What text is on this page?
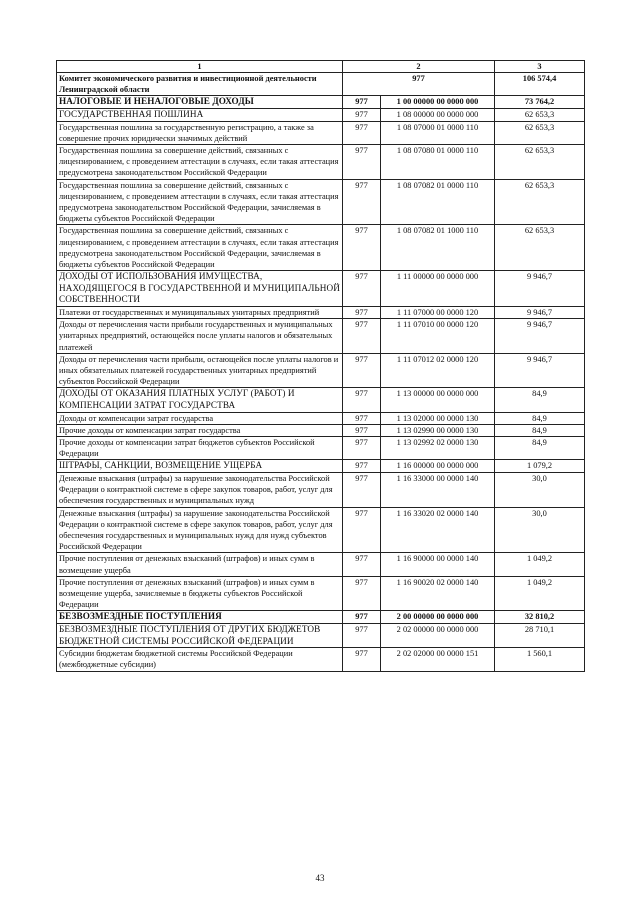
1	2		3
Комитет экономического развития и инвестиционной деятельности Ленинградской области	977		106 574,4
НАЛОГОВЫЕ И НЕНАЛОГОВЫЕ ДОХОДЫ	977	1 00 00000 00 0000 000	73 764,2
ГОСУДАРСТВЕННАЯ ПОШЛИНА	977	1 08 00000 00 0000 000	62 653,3
Государственная пошлина за государственную регистрацию, а также за совершение прочих юридически значимых действий	977	1 08 07000 01 0000 110	62 653,3
Государственная пошлина за совершение действий, связанных с лицензированием, с проведением аттестации в случаях, если такая аттестация предусмотрена законодательством Российской Федерации	977	1 08 07080 01 0000 110	62 653,3
Государственная пошлина за совершение действий, связанных с лицензированием, с проведением аттестации в случаях, если такая аттестация предусмотрена законодательством Российской Федерации, зачисляемая в бюджеты субъектов Российской Федерации	977	1 08 07082 01 0000 110	62 653,3
Государственная пошлина за совершение действий, связанных с лицензированием, с проведением аттестации в случаях, если такая аттестация предусмотрена законодательством Российской Федерации, зачисляемая в бюджеты субъектов Российской Федерации	977	1 08 07082 01 1000 110	62 653,3
ДОХОДЫ ОТ ИСПОЛЬЗОВАНИЯ ИМУЩЕСТВА, НАХОДЯЩЕГОСЯ В ГОСУДАРСТВЕННОЙ И МУНИЦИПАЛЬНОЙ СОБСТВЕННОСТИ	977	1 11 00000 00 0000 000	9 946,7
Платежи от государственных и муниципальных унитарных предприятий	977	1 11 07000 00 0000 120	9 946,7
Доходы от перечисления части прибыли государственных и муниципальных унитарных предприятий, остающейся после уплаты налогов и обязательных платежей	977	1 11 07010 00 0000 120	9 946,7
Доходы от перечисления части прибыли, остающейся после уплаты налогов и иных обязательных платежей государственных унитарных предприятий субъектов Российской Федерации	977	1 11 07012 02 0000 120	9 946,7
ДОХОДЫ ОТ ОКАЗАНИЯ ПЛАТНЫХ УСЛУГ (РАБОТ) И КОМПЕНСАЦИИ ЗАТРАТ ГОСУДАРСТВА	977	1 13 00000 00 0000 000	84,9
Доходы от компенсации затрат государства	977	1 13 02000 00 0000 130	84,9
Прочие доходы от компенсации затрат государства	977	1 13 02990 00 0000 130	84,9
Прочие доходы от компенсации затрат бюджетов субъектов Российской Федерации	977	1 13 02992 02 0000 130	84,9
ШТРАФЫ, САНКЦИИ, ВОЗМЕЩЕНИЕ УЩЕРБА	977	1 16 00000 00 0000 000	1 079,2
Денежные взыскания (штрафы) за нарушение законодательства Российской Федерации о контрактной системе в сфере закупок товаров, работ, услуг для обеспечения государственных и муниципальных нужд	977	1 16 33000 00 0000 140	30,0
Денежные взыскания (штрафы) за нарушение законодательства Российской Федерации о контрактной системе в сфере закупок товаров, работ, услуг для обеспечения государственных и муниципальных нужд для нужд субъектов Российской Федерации	977	1 16 33020 02 0000 140	30,0
Прочие поступления от денежных взысканий (штрафов) и иных сумм в возмещение ущерба	977	1 16 90000 00 0000 140	1 049,2
Прочие поступления от денежных взысканий (штрафов) и иных сумм в возмещение ущерба, зачисляемые в бюджеты субъектов Российской Федерации	977	1 16 90020 02 0000 140	1 049,2
БЕЗВОЗМЕЗДНЫЕ ПОСТУПЛЕНИЯ	977	2 00 00000 00 0000 000	32 810,2
БЕЗВОЗМЕЗДНЫЕ ПОСТУПЛЕНИЯ ОТ ДРУГИХ БЮДЖЕТОВ БЮДЖЕТНОЙ СИСТЕМЫ РОССИЙСКОЙ ФЕДЕРАЦИИ	977	2 02 00000 00 0000 000	28 710,1
Субсидии бюджетам бюджетной системы Российской Федерации (межбюджетные субсидии)	977	2 02 02000 00 0000 151	1 560,1
43
